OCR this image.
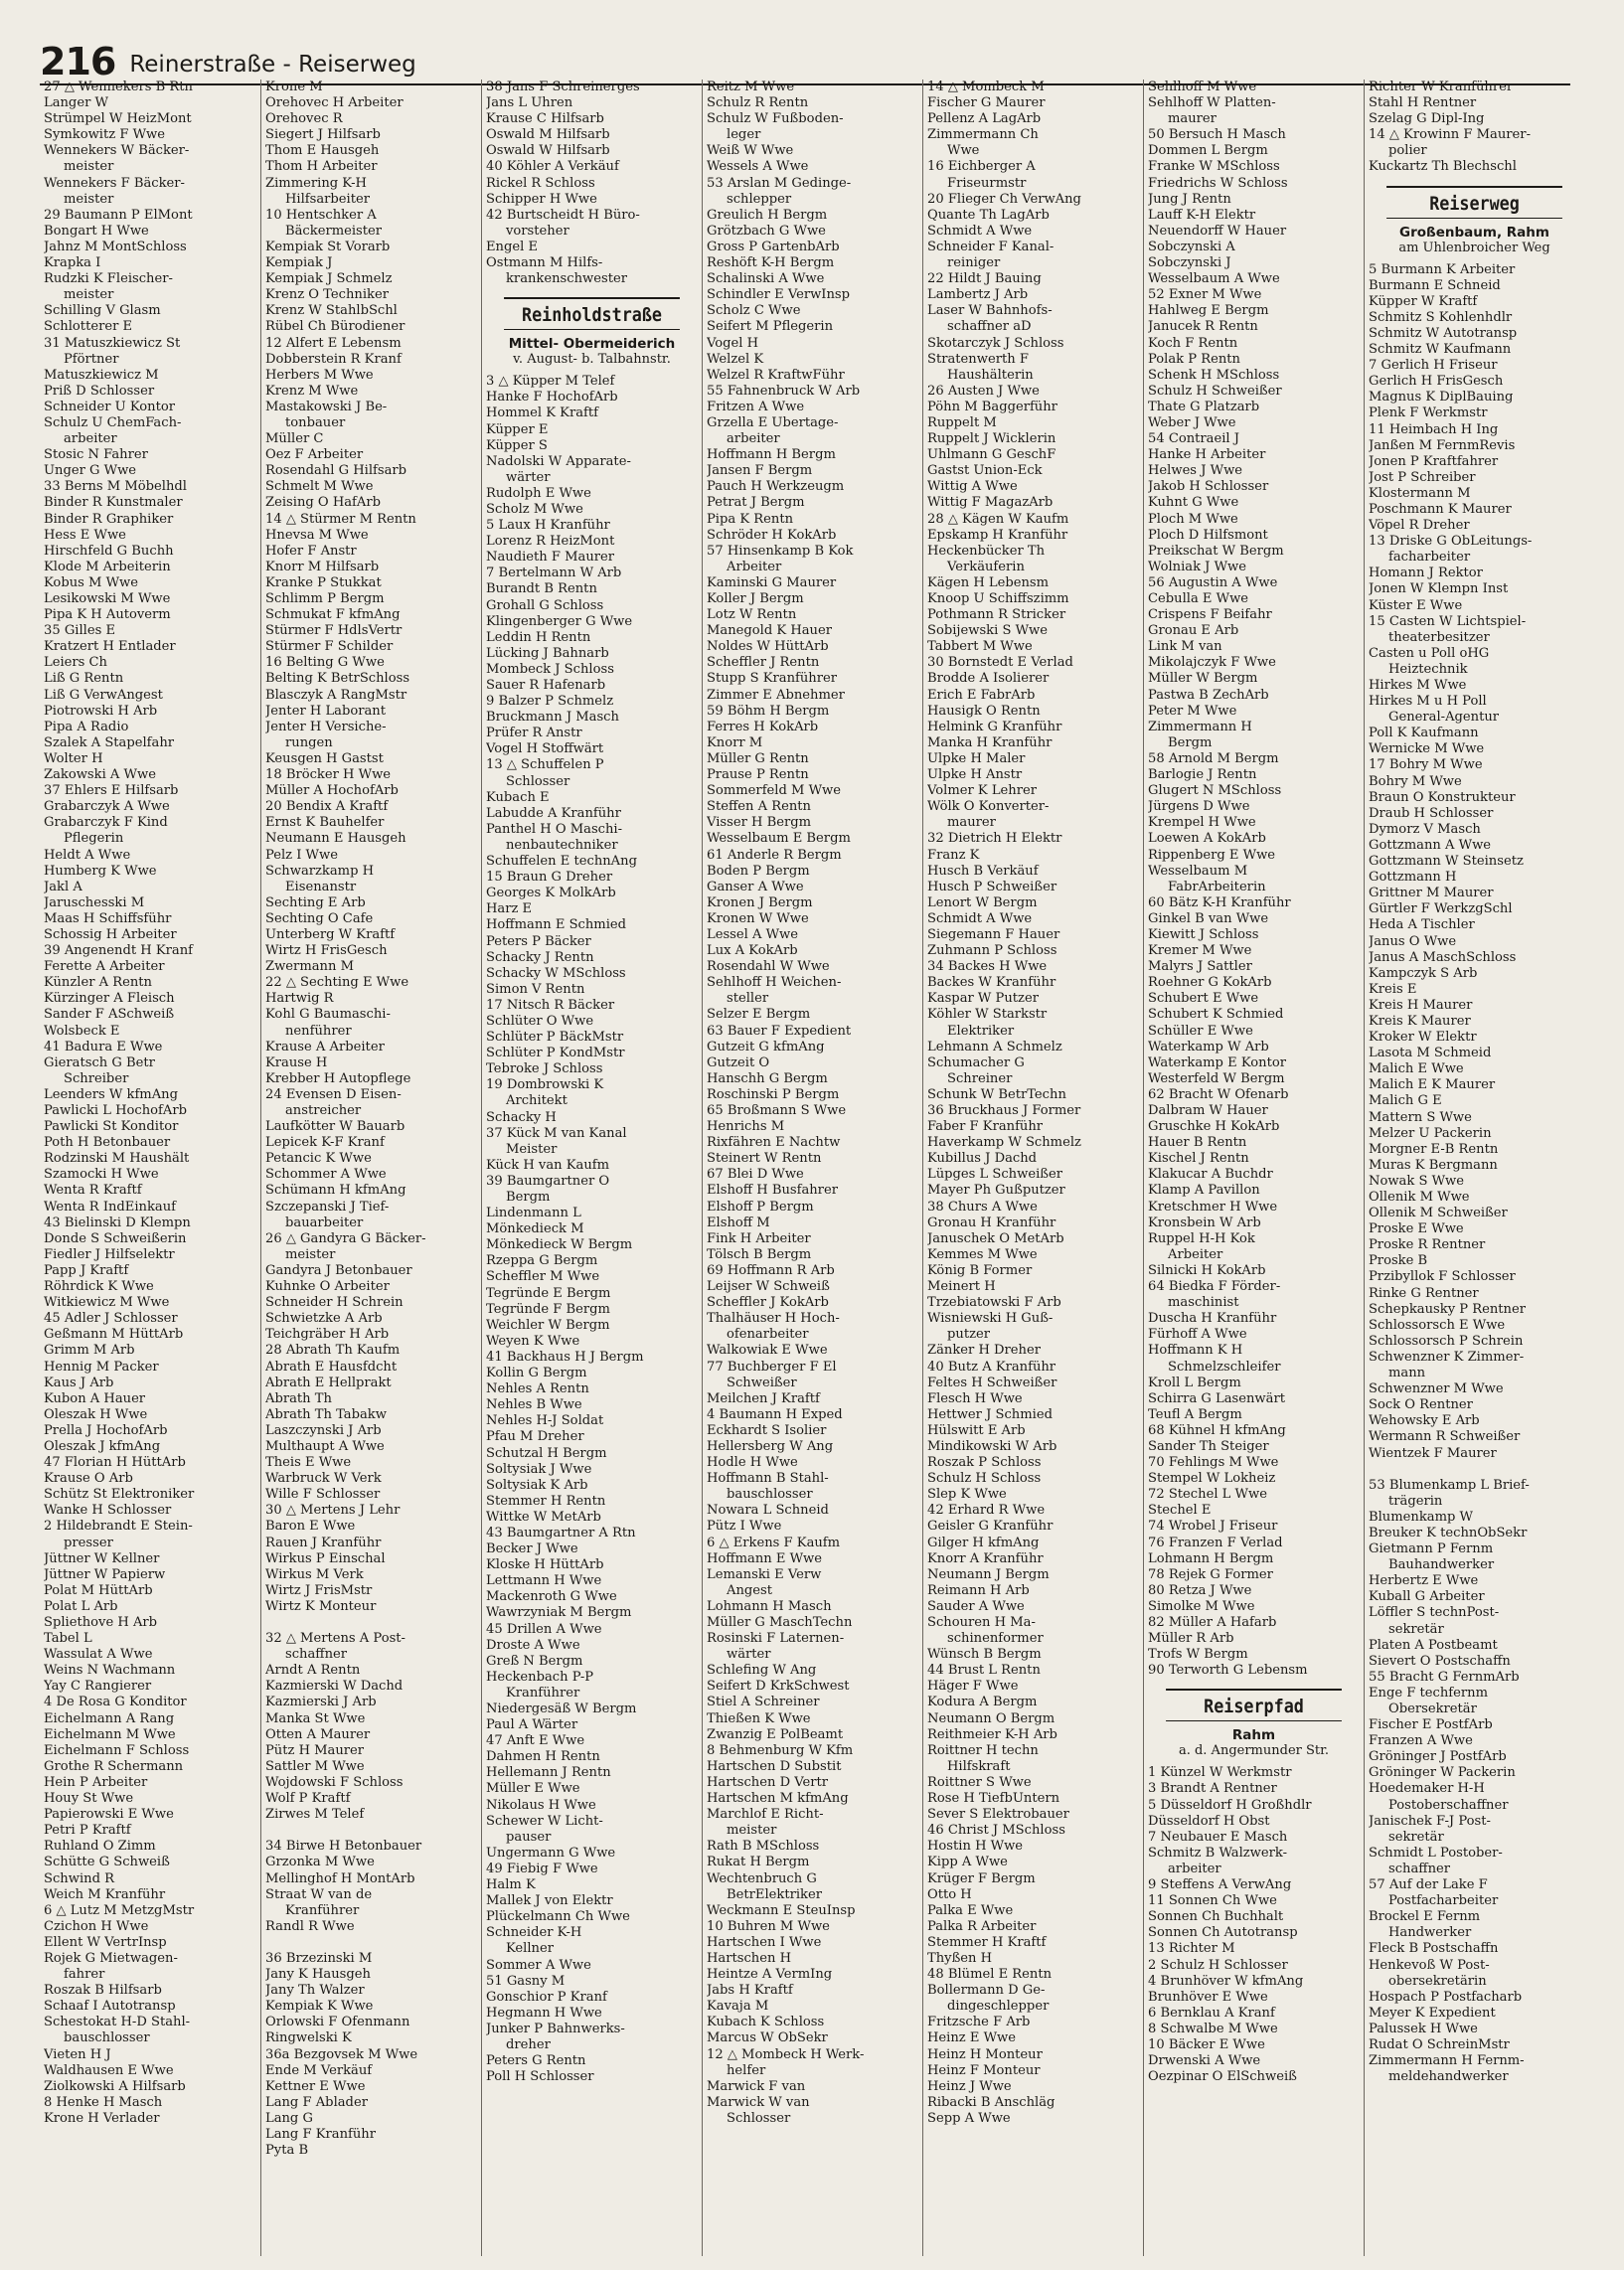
216 Reinerstraße - Reiserweg
27 △ Wennekers B Rtn
Langer W
Strümpel W HeizMont
Symkowitz F Wwe
Wennekers W Bäcker-
meister
Wennekers F Bäcker-
meister
29 Baumann P ElMont
Bongart H Wwe
Jahnz M MontSchloss
Krapka I
Rudzki K Fleischer-
meister
Schilling V Glasm
Schlotterer E
31 Matuszkiewicz St
Pförtner
Matuszkiewicz M
Priß D Schlosser
Schneider U Kontor
Schulz U ChemFach-
arbeiter
Stosic N Fahrer
Unger G Wwe
33 Berns M Möbelhdl
Binder R Kunstmaler
Binder R Graphiker
Hess E Wwe
Hirschfeld G Buchh
Klode M Arbeiterin
Kobus M Wwe
Lesikowski M Wwe
Pipa K H Autoverm
35 Gilles E
Kratzert H Entlader
Leiers Ch
Liß G Rentn
Liß G VerwAngest
Piotrowski H Arb
Pipa A Radio
Szalek A Stapelfahr
Wolter H
Zakowski A Wwe
37 Ehlers E Hilfsarb
Grabarczyk A Wwe
Grabarczyk F Kind
Pflegerin
Heldt A Wwe
Humberg K Wwe
Jakl A
Jaruschesski M
Maas H Schiffsführ
Schossig H Arbeiter
39 Angenendt H Kranf
Ferette A Arbeiter
Künzler A Rentn
Kürzinger A Fleisch
Sander F ASchweiß
Wolsbeck E
41 Badura E Wwe
Gieratsch G Betr
Schreiber
Leenders W kfmAng
Pawlicki L HochofArb
Pawlicki St Konditor
Poth H Betonbauer
Rodzinski M Haushält
Szamocki H Wwe
Wenta R Kraftf
Wenta R IndEinkauf
43 Bielinski D Klempn
Donde S Schweißerin
Fiedler J Hilfselektr
Papp J Kraftf
Röhrdick K Wwe
Witkiewicz M Wwe
45 Adler J Schlosser
Geßmann M HüttArb
Grimm M Arb
Hennig M Packer
Kaus J Arb
Kubon A Hauer
Oleszak H Wwe
Prella J HochofArb
Oleszak J kfmAng
47 Florian H HüttArb
Krause O Arb
Schütz St Elektroniker
Wanke H Schlosser
2 Hildebrandt E Stein-
presser
Jüttner W Kellner
Jüttner W Papierw
Polat M HüttArb
Polat L Arb
Spliethove H Arb
Tabel L
Wassulat A Wwe
Weins N Wachmann
Yay C Rangierer
4 De Rosa G Konditor
Eichelmann A Rang
Eichelmann M Wwe
Eichelmann F Schloss
Grothe R Schermann
Hein P Arbeiter
Houy St Wwe
Papierowski E Wwe
Petri P Kraftf
Ruhland O Zimm
Schütte G Schweiß
Schwind R
Weich M Kranführ
6 △ Lutz M MetzgMstr
Czichon H Wwe
Ellent W VertrInsp
Rojek G Mietwagen-
fahrer
Roszak B Hilfsarb
Schaaf I Autotransp
Schestokat H-D Stahl-
bauschlosser
Vieten H J
Waldhausen E Wwe
Ziolkowski A Hilfsarb
8 Henke H Masch
Krone H Verlader
Krone M
Orehovec H Arbeiter
Orehovec R
Siegert J Hilfsarb
Thom E Hausgeh
Thom H Arbeiter
Zimmering K-H
Hilfsarbeiter
10 Hentschker A
Bäckermeister
Kempiak St Vorarb
Kempiak J
Kempiak J Schmelz
Krenz O Techniker
Krenz W StahlbSchl
Rübel Ch Bürodiener
12 Alfert E Lebensm
Dobberstein R Kranf
Herbers M Wwe
Krenz M Wwe
Mastakowski J Be-
tonbauer
Müller C
Oez F Arbeiter
Rosendahl G Hilfsarb
Schmelt M Wwe
Zeising O HafArb
14 △ Stürmer M Rentn
Hnevsa M Wwe
Hofer F Anstr
Knorr M Hilfsarb
Kranke P Stukkat
Schlimm P Bergm
Schmukat F kfmAng
Stürmer F HdlsVertr
Stürmer F Schilder
16 Belting G Wwe
Belting K BetrSchloss
Blasczyk A RangMstr
Jenter H Laborant
Jenter H Versiche-
rungen
Keusgen H Gastst
18 Bröcker H Wwe
Müller A HochofArb
20 Bendix A Kraftf
Ernst K Bauhelfer
Neumann E Hausgeh
Pelz I Wwe
Schwarzkamp H
Eisenanstr
Sechting E Arb
Sechting O Cafe
Unterberg W Kraftf
Wirtz H FrisGesch
Zwermann M
22 △ Sechting E Wwe
Hartwig R
Kohl G Baumaschi-
nenführer
Krause A Arbeiter
Krause H
Krebber H Autopflege
24 Evensen D Eisen-
anstreicher
Laufkötter W Bauarb
Lepicek K-F Kranf
Petancic K Wwe
Schommer A Wwe
Schümann H kfmAng
Szczepanski J Tief-
bauarbeiter
26 △ Gandyra G Bäcker-
meister
Gandyra J Betonbauer
Kuhnke O Arbeiter
Schneider H Schrein
Schwietzke A Arb
Teichgräber H Arb
28 Abrath Th Kaufm
Abrath E Hausfdcht
Abrath E Hellprakt
Abrath Th
Abrath Th Tabakw
Laszczynski J Arb
Multhaupt A Wwe
Theis E Wwe
Warbruck W Verk
Wille F Schlosser
30 △ Mertens J Lehr
Baron E Wwe
Rauen J Kranführ
Wirkus P Einschal
Wirkus M Verk
Wirtz J FrisMstr
Wirtz K Monteur

32 △ Mertens A Post-
schaffner
Arndt A Rentn
Kazmierski W Dachd
Kazmierski J Arb
Manka St Wwe
Otten A Maurer
Pütz H Maurer
Sattler M Wwe
Wojdowski F Schloss
Wolf P Kraftf
Zirwes M Telef

34 Birwe H Betonbauer
Grzonka M Wwe
Mellinghof H MontArb
Straat W van de
Kranführer
Randl R Wwe

36 Brzezinski M
Jany K Hausgeh
Jany Th Walzer
Kempiak K Wwe
Orlowski F Ofenmann
Ringwelski K
36a Bezgovsek M Wwe
Ende M Verkäuf
Kettner E Wwe
Lang F Ablader
Lang G
Lang F Kranführ
Pyta B
38 Jans F Schreinerges
Jans L Uhren
Krause C Hilfsarb
Oswald M Hilfsarb
Oswald W Hilfsarb
40 Köhler A Verkäuf
Rickel R Schloss
Schipper H Wwe
42 Burtscheidt H Büro-
vorsteher
Engel E
Ostmann M Hilfs-
krankenschwester
Reinholdstraße
Mittel- Obermeiderich
v. August- b. Talbahnstr.
3 △ Küpper M Telef
Hanke F HochofArb
Hommel K Kraftf
Küpper E
Küpper S
Nadolski W Apparate-
wärter
Rudolph E Wwe
Scholz M Wwe
5 Laux H Kranführ
Lorenz R HeizMont
Naudieth F Maurer
7 Bertelmann W Arb
Burandt B Rentn
Grohall G Schloss
Klingenberger G Wwe
Leddin H Rentn
Lücking J Bahnarb
Mombeck J Schloss
Sauer R Hafenarb
9 Balzer P Schmelz
Bruckmann J Masch
Prüfer R Anstr
Vogel H Stoffwärt
13 △ Schuffelen P
Schlosser
Kubach E
Labudde A Kranführ
Panthel H O Maschi-
nenbautechniker
Schuffelen E technAng
15 Braun G Dreher
Georges K MolkArb
Harz E
Hoffmann E Schmied
Peters P Bäcker
Schacky J Rentn
Schacky W MSchloss
Simon V Rentn
17 Nitsch R Bäcker
Schlüter O Wwe
Schlüter P BäckMstr
Schlüter P KondMstr
Tebroke J Schloss
19 Dombrowski K
Architekt
Schacky H
37 Kück M van Kanal
Meister
Kück H van Kaufm
39 Baumgartner O
Bergm
Lindenmann L
Mönkedieck M
Mönkedieck W Bergm
Rzeppa G Bergm
Scheffler M Wwe
Tegründe E Bergm
Tegründe F Bergm
Weichler W Bergm
Weyen K Wwe
41 Backhaus H J Bergm
Kollin G Bergm
Nehles A Rentn
Nehles B Wwe
Nehles H-J Soldat
Pfau M Dreher
Schutzal H Bergm
Soltysiak J Wwe
Soltysiak K Arb
Stemmer H Rentn
Wittke W MetArb
43 Baumgartner A Rtn
Becker J Wwe
Kloske H HüttArb
Lettmann H Wwe
Mackenroth G Wwe
Wawrzyniak M Bergm
45 Drillen A Wwe
Droste A Wwe
Greß N Bergm
Heckenbach P-P
Kranführer
Niedergesäß W Bergm
Paul A Wärter
47 Anft E Wwe
Dahmen H Rentn
Hellemann J Rentn
Müller E Wwe
Nikolaus H Wwe
Schewer W Licht-
pauser
Ungermann G Wwe
49 Fiebig F Wwe
Halm K
Mallek J von Elektr
Plückelmann Ch Wwe
Schneider K-H
Kellner
Sommer A Wwe
51 Gasny M
Gonschior P Kranf
Hegmann H Wwe
Junker P Bahnwerks-
dreher
Peters G Rentn
Poll H Schlosser
Reitz M Wwe
Schulz R Rentn
Schulz W Fußboden-
leger
Weiß W Wwe
Wessels A Wwe
53 Arslan M Gedinge-
schlepper
Greulich H Bergm
Grötzbach G Wwe
Gross P GartenbArb
Reshöft K-H Bergm
Schalinski A Wwe
Schindler E VerwInsp
Scholz C Wwe
Seifert M Pflegerin
Vogel H
Welzel K
Welzel R KraftwFühr
55 Fahnenbruck W Arb
Fritzen A Wwe
Grzella E Übertage-
arbeiter
Hoffmann H Bergm
Jansen F Bergm
Pauch H Werkzeugm
Petrat J Bergm
Pipa K Rentn
Schröder H KokArb
57 Hinsenkamp B Kok
Arbeiter
Kaminski G Maurer
Koller J Bergm
Lotz W Rentn
Manegold K Hauer
Noldes W HüttArb
Scheffler J Rentn
Stupp S Kranführer
Zimmer E Abnehmer
59 Böhm H Bergm
Ferres H KokArb
Knorr M
Müller G Rentn
Prause P Rentn
Sommerfeld M Wwe
Steffen A Rentn
Visser H Bergm
Wesselbaum E Bergm
61 Anderle R Bergm
Boden P Bergm
Ganser A Wwe
Kronen J Bergm
Kronen W Wwe
Lessel A Wwe
Lux A KokArb
Rosendahl W Wwe
Sehlhoff H Weichen-
steller
Selzer E Bergm
63 Bauer F Expedient
Gutzeit G kfmAng
Gutzeit O
Hanschh G Bergm
Roschinski P Bergm
65 Broßmann S Wwe
Henrichs M
Rixfähren E Nachtw
Steinert W Rentn
67 Blei D Wwe
Elshoff H Busfahrer
Elshoff P Bergm
Elshoff M
Fink H Arbeiter
Tölsch B Bergm
69 Hoffmann R Arb
Leijser W Schweiß
Scheffler J KokArb
Thalhäuser H Hoch-
ofenarbeiter
Walkowiak E Wwe
77 Buchberger F El
Schweißer
Meilchen J Kraftf
4 Baumann H Exped
Eckhardt S Isolier
Hellersberg W Ang
Hodle H Wwe
Hoffmann B Stahl-
bauschlosser
Nowara L Schneid
Pütz I Wwe
6 △ Erkens F Kaufm
Hoffmann E Wwe
Lemanski E Verw
Angest
Lohmann H Masch
Müller G MaschTechn
Rosinski F Laternen-
wärter
Schlefing W Ang
Seifert D KrkSchwest
Stiel A Schreiner
Thießen K Wwe
Zwanzig E PolBeamt
8 Behmenburg W Kfm
Hartschen D Substit
Hartschen D Vertr
Hartschen M kfmAng
Marchlof E Richt-
meister
Rath B MSchloss
Rukat H Bergm
Wechtenbruch G
BetrElektriker
Weckmann E SteuInsp
10 Buhren M Wwe
Hartschen I Wwe
Hartschen H
Heintze A VermIng
Jabs H Kraftf
Kavaja M
Kubach K Schloss
Marcus W ObSekr
12 △ Mombeck H Werk-
helfer
Marwick F van
Marwick W van
Schlosser
14 △ Mombeck M
Fischer G Maurer
Pellenz A LagArb
Zimmermann Ch
Wwe
16 Eichberger A
Friseurmstr
20 Flieger Ch VerwAng
Quante Th LagArb
Schmidt A Wwe
Schneider F Kanal-
reiniger
22 Hildt J Bauing
Lambertz J Arb
Laser W Bahnhofs-
schaffner aD
Skotarczyk J Schloss
Stratenwerth F
Haushälterin
26 Austen J Wwe
Pöhn M Baggerführ
Ruppelt M
Ruppelt J Wicklerin
Uhlmann G GeschF
Gastst Union-Eck
Wittig A Wwe
Wittig F MagazArb
28 △ Kägen W Kaufm
Epskamp H Kranführ
Heckenbücker Th
Verkäuferin
Kägen H Lebensm
Knoop U Schiffszimm
Pothmann R Stricker
Sobijewski S Wwe
Tabbert M Wwe
30 Bornstedt E Verlad
Brodde A Isolierer
Erich E FabrArb
Hausigk O Rentn
Helmink G Kranführ
Manka H Kranführ
Ulpke H Maler
Ulpke H Anstr
Volmer K Lehrer
Wölk O Konverter-
maurer
32 Dietrich H Elektr
Franz K
Husch B Verkäuf
Husch P Schweißer
Lenort W Bergm
Schmidt A Wwe
Siegemann F Hauer
Zuhmann P Schloss
34 Backes H Wwe
Backes W Kranführ
Kaspar W Putzer
Köhler W Starkstr
Elektriker
Lehmann A Schmelz
Schumacher G
Schreiner
Schunk W BetrTechn
36 Bruckhaus J Former
Faber F Kranführ
Haverkamp W Schmelz
Kubillus J Dachd
Lüpges L Schweißer
Mayer Ph Gußputzer
38 Churs A Wwe
Gronau H Kranführ
Januschek O MetArb
Kemmes M Wwe
König B Former
Meinert H
Trzebiatowski F Arb
Wisniewski H Guß-
putzer
Zänker H Dreher
40 Butz A Kranführ
Feltes H Schweißer
Flesch H Wwe
Hettwer J Schmied
Hülswitt E Arb
Mindikowski W Arb
Roszak P Schloss
Schulz H Schloss
Slep K Wwe
42 Erhard R Wwe
Geisler G Kranführ
Gilger H kfmAng
Knorr A Kranführ
Neumann J Bergm
Reimann H Arb
Sauder A Wwe
Schouren H Ma-
schinenformer
Wünsch B Bergm
44 Brust L Rentn
Häger F Wwe
Kodura A Bergm
Neumann O Bergm
Reithmeier K-H Arb
Roittner H techn
Hilfskraft
Roittner S Wwe
Rose H TiefbUntern
Sever S Elektrobauer
46 Christ J MSchloss
Hostin H Wwe
Kipp A Wwe
Krüger F Bergm
Otto H
Palka E Wwe
Palka R Arbeiter
Stemmer H Kraftf
Thyßen H
48 Blümel E Rentn
Bollermann D Ge-
dingeschlepper
Fritzsche F Arb
Heinz E Wwe
Heinz H Monteur
Heinz F Monteur
Heinz J Wwe
Ribacki B Anschläg
Sepp A Wwe
Sehlhoff M Wwe
Sehlhoff W Platten-
maurer
50 Bersuch H Masch
Dommen L Bergm
Franke W MSchloss
Friedrichs W Schloss
Jung J Rentn
Lauff K-H Elektr
Neuendorff W Hauer
Sobczynski A
Sobczynski J
Wesselbaum A Wwe
52 Exner M Wwe
Hahlweg E Bergm
Janucek R Rentn
Koch F Rentn
Polak P Rentn
Schenk H MSchloss
Schulz H Schweißer
Thate G Platzarb
Weber J Wwe
54 Contraeil J
Hanke H Arbeiter
Helwes J Wwe
Jakob H Schlosser
Kuhnt G Wwe
Ploch M Wwe
Ploch D Hilfsmont
Preikschat W Bergm
Wolniak J Wwe
56 Augustin A Wwe
Cebulla E Wwe
Crispens F Beifahr
Gronau E Arb
Link M van
Mikolajczyk F Wwe
Müller W Bergm
Pastwa B ZechArb
Peter M Wwe
Zimmermann H
Bergm
58 Arnold M Bergm
Barlogie J Rentn
Glugert N MSchloss
Jürgens D Wwe
Krempel H Wwe
Loewen A KokArb
Rippenberg E Wwe
Wesselbaum M
FabrArbeiterin
60 Bätz K-H Kranführ
Ginkel B van Wwe
Kiewitt J Schloss
Kremer M Wwe
Malyrs J Sattler
Roehner G KokArb
Schubert E Wwe
Schubert K Schmied
Schüller E Wwe
Waterkamp W Arb
Waterkamp E Kontor
Westerfeld W Bergm
62 Bracht W Ofenarb
Dalbram W Hauer
Gruschke H KokArb
Hauer B Rentn
Kischel J Rentn
Klakucar A Buchdr
Klamp A Pavillon
Kretschmer H Wwe
Kronsbein W Arb
Ruppel H-H Kok
Arbeiter
Silnicki H KokArb
64 Biedka F Förder-
maschinist
Duscha H Kranführ
Fürhoff A Wwe
Hoffmann K H
Schmelzschleifer
Kroll L Bergm
Schirra G Lasenwärt
Teufl A Bergm
68 Kühnel H kfmAng
Sander Th Steiger
70 Fehlings M Wwe
Stempel W Lokheiz
72 Stechel L Wwe
Stechel E
74 Wrobel J Friseur
76 Franzen F Verlad
Lohmann H Bergm
78 Rejek G Former
80 Retza J Wwe
Simolke M Wwe
82 Müller A Hafarb
Müller R Arb
Trofs W Bergm
90 Terworth G Lebensm
Reiserpfad
Rahm
a. d. Angermunder Str.
1 Künzel W Werkmstr
3 Brandt A Rentner
5 Düsseldorf H Großhdlr
Düsseldorf H Obst
7 Neubauer E Masch
Schmitz B Walzwerk-
arbeiter
9 Steffens A VerwAng
11 Sonnen Ch Wwe
Sonnen Ch Buchhalt
Sonnen Ch Autotransp
13 Richter M
2 Schulz H Schlosser
4 Brunhöver W kfmAng
Brunhöver E Wwe
6 Bernklau A Kranf
8 Schwalbe M Wwe
10 Bäcker E Wwe
Drwenski A Wwe
Oezpinar O ElSchweiß
Richter W Kranführer
Stahl H Rentner
Szelag G Dipl-Ing
14 △ Krowinn F Maurer-
polier
Kuckartz Th Blechschl
Reiserweg
Großenbaum, Rahm
am Uhlenbroicher Weg
5 Burmann K Arbeiter
Burmann E Schneid
Küpper W Kraftf
Schmitz S Kohlenhdlr
Schmitz W Autotransp
Schmitz W Kaufmann
7 Gerlich H Friseur
Gerlich H FrisGesch
Magnus K DiplBauing
Plenk F Werkmstr
11 Heimbach H Ing
Janßen M FernmRevis
Jonen P Kraftfahrer
Jost P Schreiber
Klostermann M
Poschmann K Maurer
Vöpel R Dreher
13 Driske G ObLeitungs-
facharbeiter
Homann J Rektor
Jonen W Klempn Inst
Küster E Wwe
15 Casten W Lichtspiel-
theaterbesitzer
Casten u Poll oHG
Heiztechnik
Hirkes M Wwe
Hirkes M u H Poll
General-Agentur
Poll K Kaufmann
Wernicke M Wwe
17 Bohry M Wwe
Bohry M Wwe
Braun O Konstrukteur
Draub H Schlosser
Dymorz V Masch
Gottzmann A Wwe
Gottzmann W Steinsetz
Gottzmann H
Grittner M Maurer
Gürtler F WerkzgSchl
Heda A Tischler
Janus O Wwe
Janus A MaschSchloss
Kampczyk S Arb
Kreis E
Kreis H Maurer
Kreis K Maurer
Kroker W Elektr
Lasota M Schmeid
Malich E Wwe
Malich E K Maurer
Malich G E
Mattern S Wwe
Melzer U Packerin
Morgner E-B Rentn
Muras K Bergmann
Nowak S Wwe
Ollenik M Wwe
Ollenik M Schweißer
Proske E Wwe
Proske R Rentner
Proske B
Przibyllok F Schlosser
Rinke G Rentner
Schepkausky P Rentner
Schlossorsch E Wwe
Schlossorsch P Schrein
Schwenzner K Zimmer-
mann
Schwenzner M Wwe
Sock O Rentner
Wehowsky E Arb
Wermann R Schweißer
Wientzek F Maurer

53 Blumenkamp L Brief-
trägerin
Blumenkamp W
Breuker K technObSekr
Gietmann P Fernm
Bauhandwerker
Herbertz E Wwe
Kuball G Arbeiter
Löffler S technPost-
sekretär
Platen A Postbeamt
Sievert O Postschaffn
55 Bracht G FernmArb
Enge F techfernm
Obersekretär
Fischer E PostfArb
Franzen A Wwe
Gröninger J PostfArb
Gröninger W Packerin
Hoedemaker H-H
Postoberschaffner
Janischek F-J Post-
sekretär
Schmidt L Postober-
schaffner
57 Auf der Lake F
Postfacharbeiter
Brockel E Fernm
Handwerker
Fleck B Postschaffn
Henkevoß W Post-
obersekretärin
Hospach P Postfacharb
Meyer K Expedient
Palussek H Wwe
Rudat O SchreinMstr
Zimmermann H Fernm-
meldehandwerker
